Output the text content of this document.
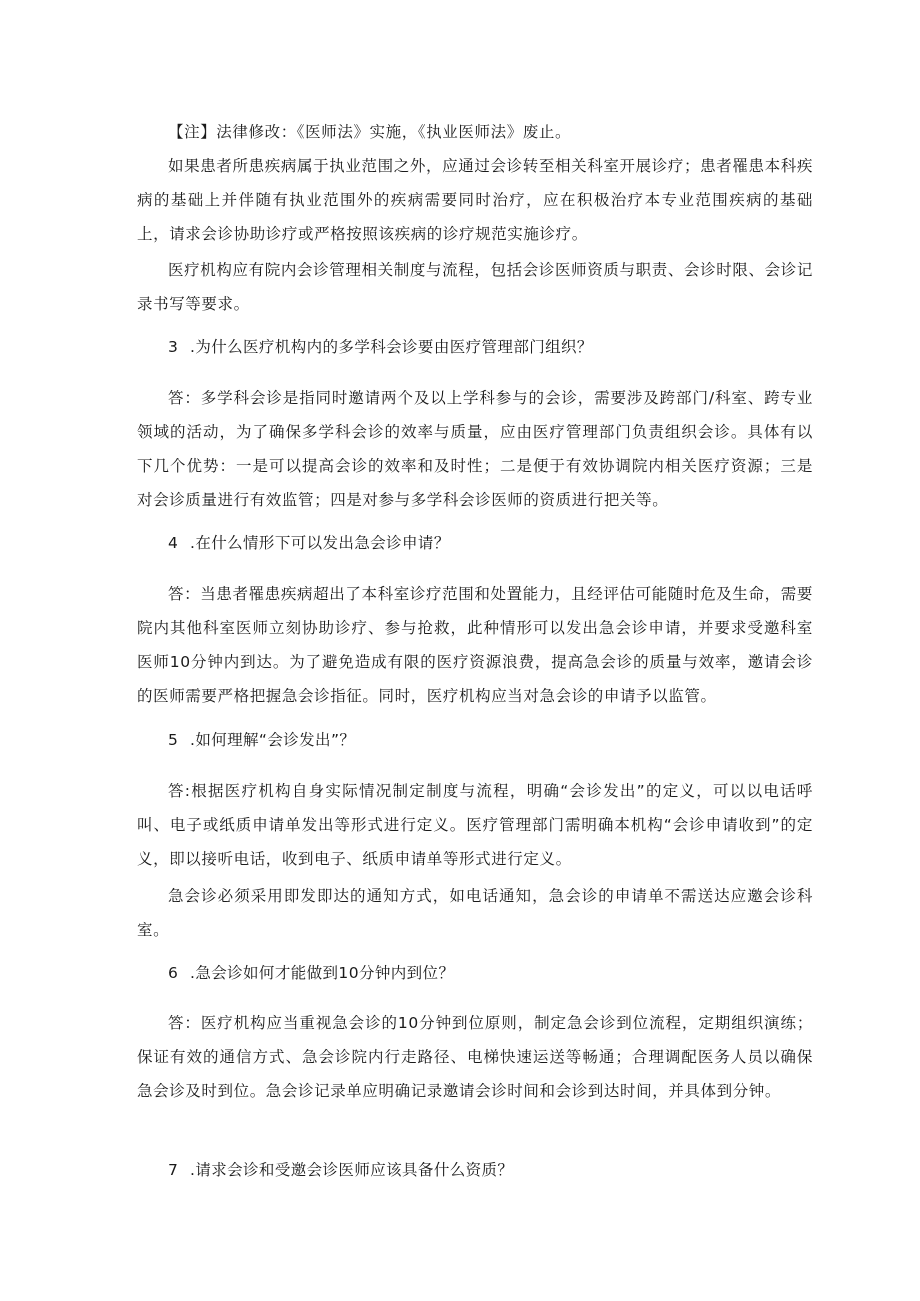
【注】法律修改：《医师法》实施，《执业医师法》废止。

如果患者所患疾病属于执业范围之外，应通过会诊转至相关科室开展诊疗；患者罹患本科疾病的基础上并伴随有执业范围外的疾病需要同时治疗，应在积极治疗本专业范围疾病的基础上，请求会诊协助诊疗或严格按照该疾病的诊疗规范实施诊疗。

医疗机构应有院内会诊管理相关制度与流程，包括会诊医师资质与职责、会诊时限、会诊记录书写等要求。

3 .为什么医疗机构内的多学科会诊要由医疗管理部门组织？

答：多学科会诊是指同时邀请两个及以上学科参与的会诊，需要涉及跨部门/科室、跨专业领域的活动，为了确保多学科会诊的效率与质量，应由医疗管理部门负责组织会诊。具体有以下几个优势：一是可以提高会诊的效率和及时性；二是便于有效协调院内相关医疗资源；三是对会诊质量进行有效监管；四是对参与多学科会诊医师的资质进行把关等。

4 .在什么情形下可以发出急会诊申请？

答：当患者罹患疾病超出了本科室诊疗范围和处置能力，且经评估可能随时危及生命，需要院内其他科室医师立刻协助诊疗、参与抢救，此种情形可以发出急会诊申请，并要求受邀科室医师10分钟内到达。为了避免造成有限的医疗资源浪费，提高急会诊的质量与效率，邀请会诊的医师需要严格把握急会诊指征。同时，医疗机构应当对急会诊的申请予以监管。

5 .如何理解“会诊发出”？

答:根据医疗机构自身实际情况制定制度与流程，明确“会诊发出”的定义，可以以电话呼叫、电子或纸质申请单发出等形式进行定义。医疗管理部门需明确本机构“会诊申请收到”的定义，即以接听电话，收到电子、纸质申请单等形式进行定义。

急会诊必须采用即发即达的通知方式，如电话通知，急会诊的申请单不需送达应邀会诊科室。

6 .急会诊如何才能做到10分钟内到位？

答：医疗机构应当重视急会诊的10分钟到位原则，制定急会诊到位流程，定期组织演练；保证有效的通信方式、急会诊院内行走路径、电梯快速运送等畅通；合理调配医务人员以确保急会诊及时到位。急会诊记录单应明确记录邀请会诊时间和会诊到达时间，并具体到分钟。

7 .请求会诊和受邀会诊医师应该具备什么资质？
